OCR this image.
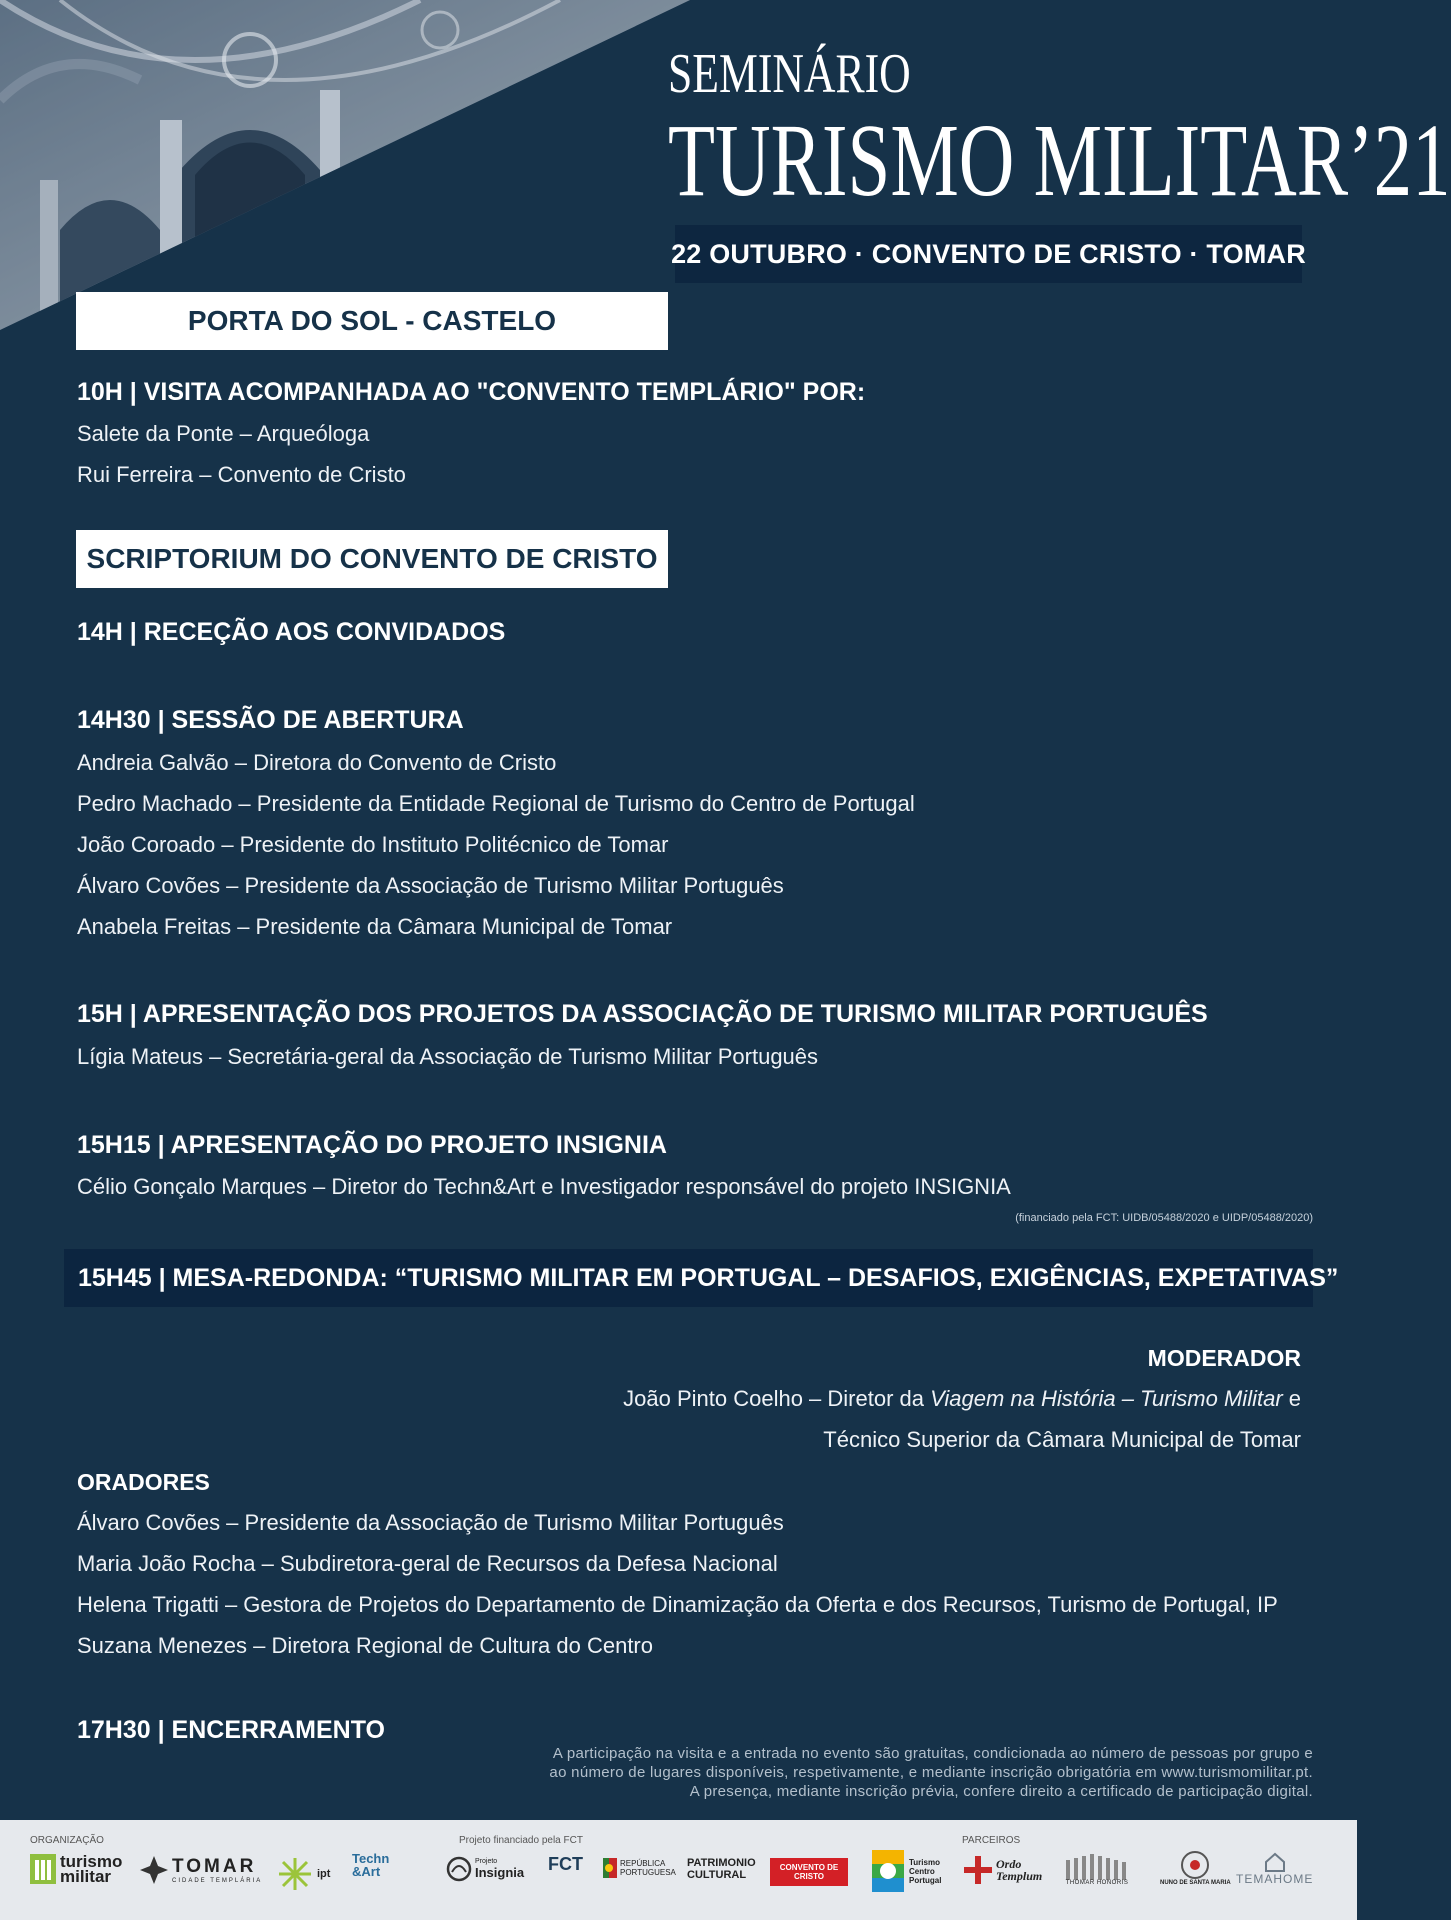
SEMINÁRIO
TURISMO MILITAR’21
22 OUTUBRO · CONVENTO DE CRISTO · TOMAR
PORTA DO SOL - CASTELO
10H | VISITA ACOMPANHADA AO "CONVENTO TEMPLÁRIO" POR:
Salete da Ponte – Arqueóloga
Rui Ferreira – Convento de Cristo
SCRIPTORIUM DO CONVENTO DE CRISTO
14H | RECEÇÃO AOS CONVIDADOS
14H30 | SESSÃO DE ABERTURA
Andreia Galvão – Diretora do Convento de Cristo
Pedro Machado – Presidente da Entidade Regional de Turismo do Centro de Portugal
João Coroado – Presidente do Instituto Politécnico de Tomar
Álvaro Covões – Presidente da Associação de Turismo Militar Português
Anabela Freitas – Presidente da Câmara Municipal de Tomar
15H | APRESENTAÇÃO DOS PROJETOS DA ASSOCIAÇÃO DE TURISMO MILITAR PORTUGUÊS
Lígia Mateus – Secretária-geral da Associação de Turismo Militar Português
15H15 | APRESENTAÇÃO DO PROJETO INSIGNIA
Célio Gonçalo Marques – Diretor do Techn&Art e Investigador responsável do projeto INSIGNIA
(financiado pela FCT: UIDB/05488/2020 e UIDP/05488/2020)
15H45 | MESA-REDONDA: “TURISMO MILITAR EM PORTUGAL – DESAFIOS, EXIGÊNCIAS, EXPETATIVAS”
MODERADOR
João Pinto Coelho – Diretor da Viagem na História – Turismo Militar e
Técnico Superior da Câmara Municipal de Tomar
ORADORES
Álvaro Covões – Presidente da Associação de Turismo Militar Português
Maria João Rocha – Subdiretora-geral de Recursos da Defesa Nacional
Helena Trigatti – Gestora de Projetos do Departamento de Dinamização da Oferta e dos Recursos, Turismo de Portugal, IP
Suzana Menezes – Diretora Regional de Cultura do Centro
17H30 | ENCERRAMENTO
A participação na visita e a entrada no evento são gratuitas, condicionada ao número de pessoas por grupo e
ao número de lugares disponíveis, respetivamente, e mediante inscrição obrigatória em www.turismomilitar.pt.
A presença, mediante inscrição prévia, confere direito a certificado de participação digital.
ORGANIZAÇÃO	Projeto financiado pela FCT	PARCEIROS
turismo militar	TOMAR
CIDADE TEMPLÁRIA
ipt
Techn &Art
Projeto
Insignia FCT	REPÚBLICA PORTUGUESA
PATRIMONIO CULTURAL
CONVENTO DE CRISTO
Turismo Centro Portugal
Ordo Templum	THOMAR HONORIS	NUNO DE SANTA MARIA TEMAHOME
